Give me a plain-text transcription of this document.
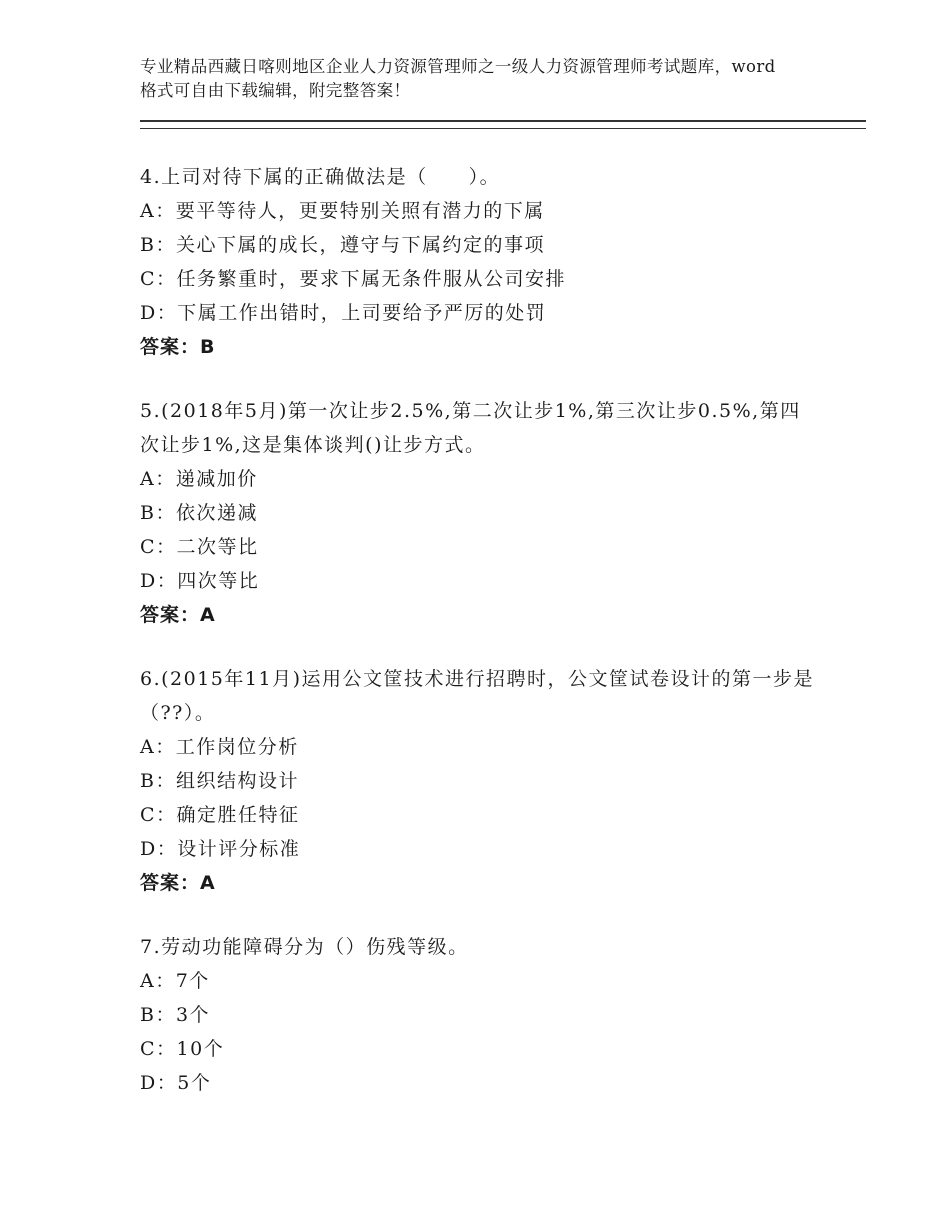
专业精品西藏日喀则地区企业人力资源管理师之一级人力资源管理师考试题库，word格式可自由下载编辑，附完整答案！
4.上司对待下属的正确做法是（　　）。
A：要平等待人，更要特别关照有潜力的下属
B：关心下属的成长，遵守与下属约定的事项
C：任务繁重时，要求下属无条件服从公司安排
D：下属工作出错时，上司要给予严厉的处罚
答案：B
5.(2018年5月)第一次让步2.5%,第二次让步1%,第三次让步0.5%,第四次让步1%,这是集体谈判()让步方式。
A：递减加价
B：依次递减
C：二次等比
D：四次等比
答案：A
6.(2015年11月)运用公文筐技术进行招聘时，公文筐试卷设计的第一步是（??）。
A：工作岗位分析
B：组织结构设计
C：确定胜任特征
D：设计评分标准
答案：A
7.劳动功能障碍分为（）伤残等级。
A：7个
B：3个
C：10个
D：5个
